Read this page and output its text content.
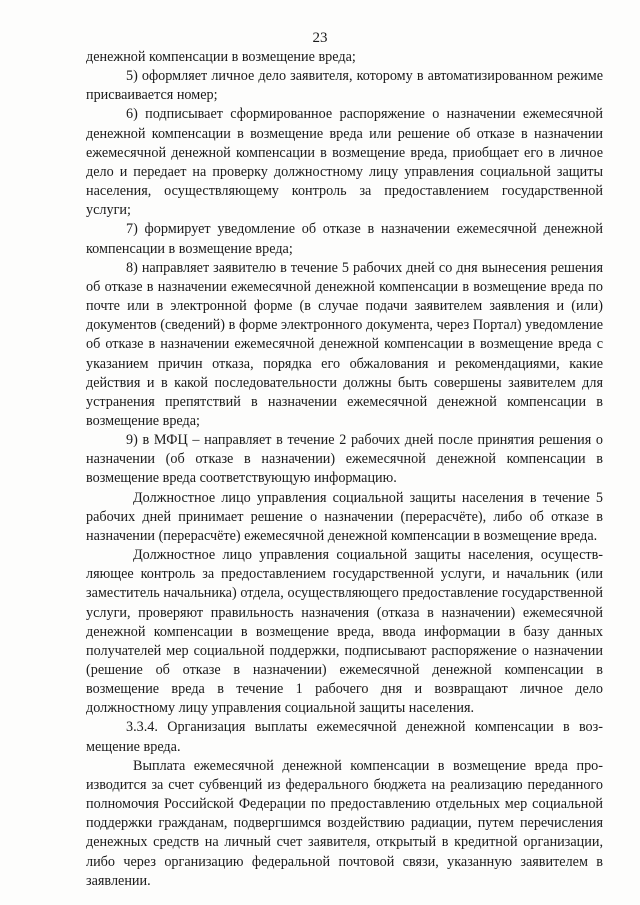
23

денежной компенсации в возмещение вреда;

5) оформляет личное дело заявителя, которому в автоматизированном режиме присваивается номер;

6) подписывает сформированное распоряжение о назначении ежемесячной денежной компенсации в возмещение вреда или решение об отказе в назначении ежемесячной денежной компенсации в возмещение вреда, приобщает его в личное дело и передает на проверку должностному лицу управления социальной защиты населения, осуществляющему контроль за предоставлением государственной услуги;

7) формирует уведомление об отказе в назначении ежемесячной денежной компенсации в возмещение вреда;

8) направляет заявителю в течение 5 рабочих дней со дня вынесения решения об отказе в назначении ежемесячной денежной компенсации в возмещение вреда по почте или в электронной форме (в случае подачи заявителем заявления и (или) документов (сведений) в форме электронного документа, через Портал) уведомление об отказе в назначении ежемесячной денежной компенсации в возмещение вреда с указанием причин отказа, порядка его обжалования и рекомендациями, какие действия и в какой последовательности должны быть совершены заявителем для устранения препятствий в назначении ежемесячной денежной компенсации в возмещение вреда;

9) в МФЦ – направляет в течение 2 рабочих дней после принятия решения о назначении (об отказе в назначении) ежемесячной денежной компенсации в возмещение вреда соответствующую информацию.

Должностное лицо управления социальной защиты населения в течение 5 рабочих дней принимает решение о назначении (перерасчёте), либо об отказе в назначении (перерасчёте) ежемесячной денежной компенсации в возмещение вреда.

Должностное лицо управления социальной защиты населения, осуществляющее контроль за предоставлением государственной услуги, и начальник (или заместитель начальника) отдела, осуществляющего предоставление государственной услуги, проверяют правильность назначения (отказа в назначении) ежемесячной денежной компенсации в возмещение вреда, ввода информации в базу данных получателей мер социальной поддержки, подписывают распоряжение о назначении (решение об отказе в назначении) ежемесячной денежной компенсации в возмещение вреда в течение 1 рабочего дня и возвращают личное дело должностному лицу управления социальной защиты населения.

3.3.4. Организация выплаты ежемесячной денежной компенсации в возмещение вреда.

Выплата ежемесячной денежной компенсации в возмещение вреда производится за счет субвенций из федерального бюджета на реализацию переданного полномочия Российской Федерации по предоставлению отдельных мер социальной поддержки гражданам, подвергшимся воздействию радиации, путем перечисления денежных средств на личный счет заявителя, открытый в кредитной организации, либо через организацию федеральной почтовой связи, указанную заявителем в заявлении.
